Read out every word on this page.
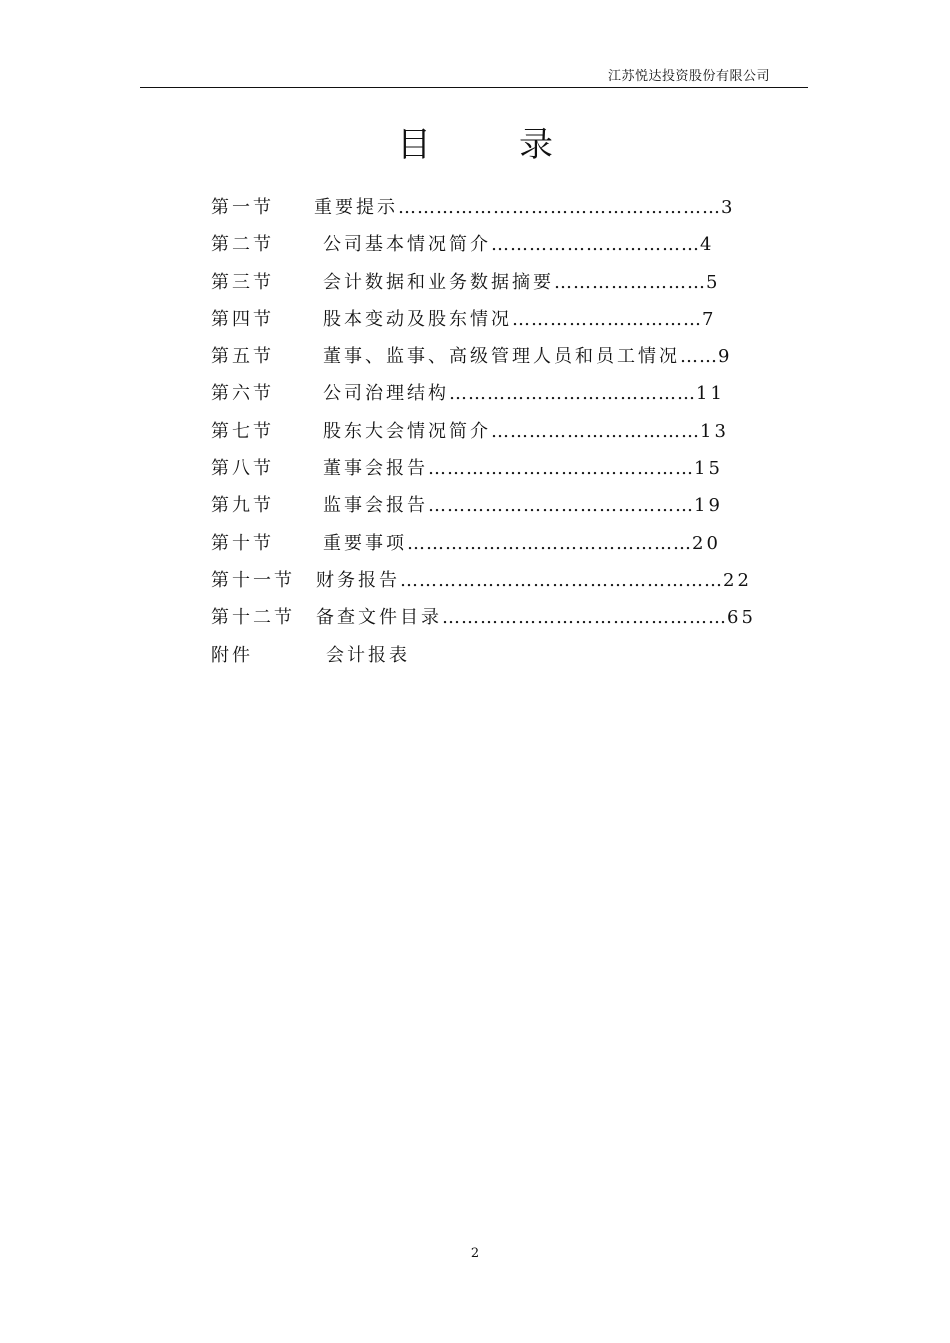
江苏悦达投资股份有限公司
目录
第一节 重要提示……………………………………………3
第二节	公司基本情况简介……………………………4
第三节	会计数据和业务数据摘要……………………5
第四节	股本变动及股东情况…………………………7
第五节	董事、监事、高级管理人员和员工情况……9
第六节	公司治理结构…………………………………11
第七节	股东大会情况简介……………………………13
第八节	董事会报告……………………………………15
第九节	监事会报告……………………………………19
第十节	重要事项………………………………………20
第十一节 财务报告……………………………………………22
第十二节 备查文件目录………………………………………65
附件	会计报表
2
